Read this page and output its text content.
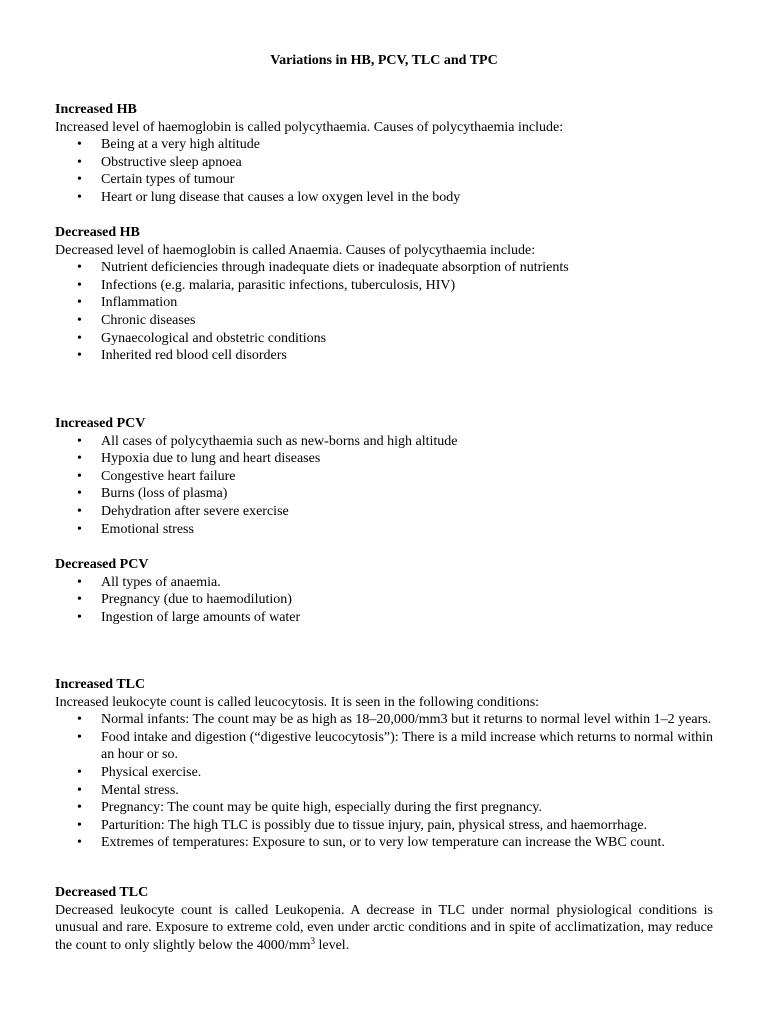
Variations in HB, PCV, TLC and TPC
Increased HB
Increased level of haemoglobin is called polycythaemia. Causes of polycythaemia include:
• Being at a very high altitude
• Obstructive sleep apnoea
• Certain types of tumour
• Heart or lung disease that causes a low oxygen level in the body
Decreased HB
Decreased level of haemoglobin is called Anaemia. Causes of polycythaemia include:
• Nutrient deficiencies through inadequate diets or inadequate absorption of nutrients
• Infections (e.g. malaria, parasitic infections, tuberculosis, HIV)
• Inflammation
• Chronic diseases
• Gynaecological and obstetric conditions
• Inherited red blood cell disorders
Increased PCV
• All cases of polycythaemia such as new-borns and high altitude
• Hypoxia due to lung and heart diseases
• Congestive heart failure
• Burns (loss of plasma)
• Dehydration after severe exercise
• Emotional stress
Decreased PCV
• All types of anaemia.
• Pregnancy (due to haemodilution)
• Ingestion of large amounts of water
Increased TLC
Increased leukocyte count is called leucocytosis. It is seen in the following conditions:
• Normal infants: The count may be as high as 18–20,000/mm3 but it returns to normal level within 1–2 years.
• Food intake and digestion (“digestive leucocytosis”): There is a mild increase which returns to normal within an hour or so.
• Physical exercise.
• Mental stress.
• Pregnancy: The count may be quite high, especially during the first pregnancy.
• Parturition: The high TLC is possibly due to tissue injury, pain, physical stress, and haemorrhage.
• Extremes of temperatures: Exposure to sun, or to very low temperature can increase the WBC count.
Decreased TLC
Decreased leukocyte count is called Leukopenia. A decrease in TLC under normal physiological conditions is unusual and rare. Exposure to extreme cold, even under arctic conditions and in spite of acclimatization, may reduce the count to only slightly below the $4000/mm^3$ level.
